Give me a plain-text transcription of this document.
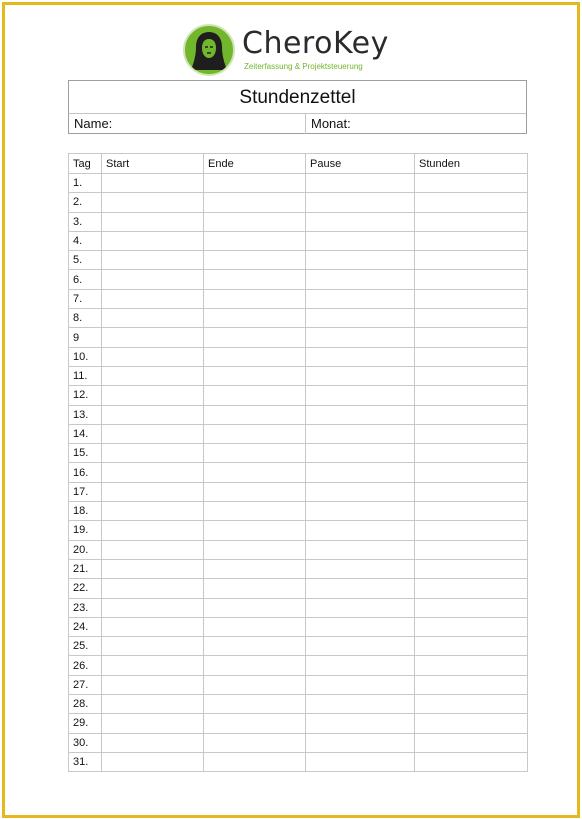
CheroKey
Zeiterfassung & Projektsteuerung
Stundenzettel
Name:	Monat:
Tag	Start	Ende	Pause	Stunden
1.				
2.				
3.				
4.				
5.				
6.				
7.				
8.				
9				
10.				
11.				
12.				
13.				
14.				
15.				
16.				
17.				
18.				
19.				
20.				
21.				
22.				
23.				
24.				
25.				
26.				
27.				
28.				
29.				
30.				
31.				
